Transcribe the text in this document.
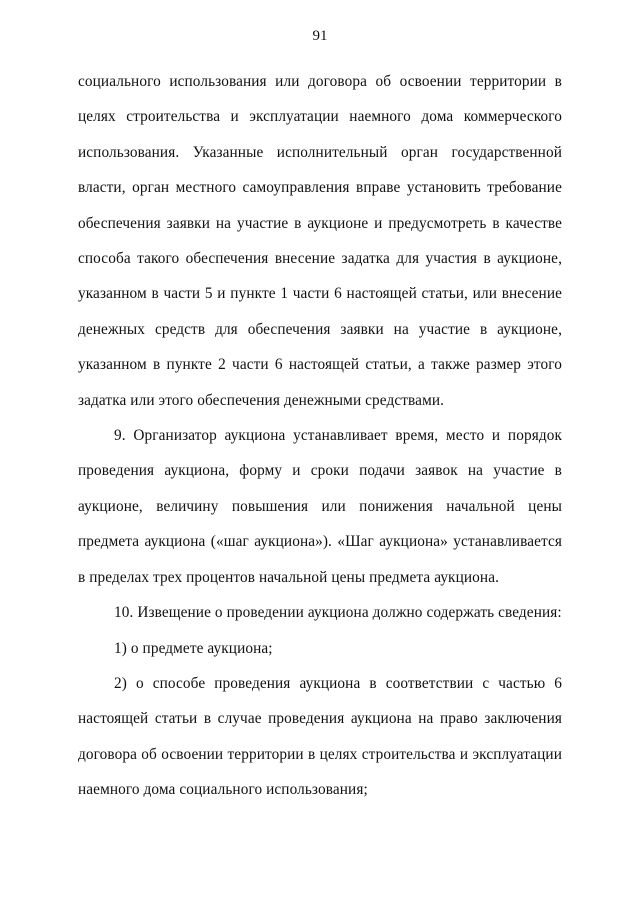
91

социального использования или договора об освоении территории в целях строительства и эксплуатации наемного дома коммерческого использования. Указанные исполнительный орган государственной власти, орган местного самоуправления вправе установить требование обеспечения заявки на участие в аукционе и предусмотреть в качестве способа такого обеспечения внесение задатка для участия в аукционе, указанном в части 5 и пункте 1 части 6 настоящей статьи, или внесение денежных средств для обеспечения заявки на участие в аукционе, указанном в пункте 2 части 6 настоящей статьи, а также размер этого задатка или этого обеспечения денежными средствами.

9. Организатор аукциона устанавливает время, место и порядок проведения аукциона, форму и сроки подачи заявок на участие в аукционе, величину повышения или понижения начальной цены предмета аукциона («шаг аукциона»). «Шаг аукциона» устанавливается в пределах трех процентов начальной цены предмета аукциона.

10. Извещение о проведении аукциона должно содержать сведения:

1) о предмете аукциона;

2) о способе проведения аукциона в соответствии с частью 6 настоящей статьи в случае проведения аукциона на право заключения договора об освоении территории в целях строительства и эксплуатации наемного дома социального использования;
